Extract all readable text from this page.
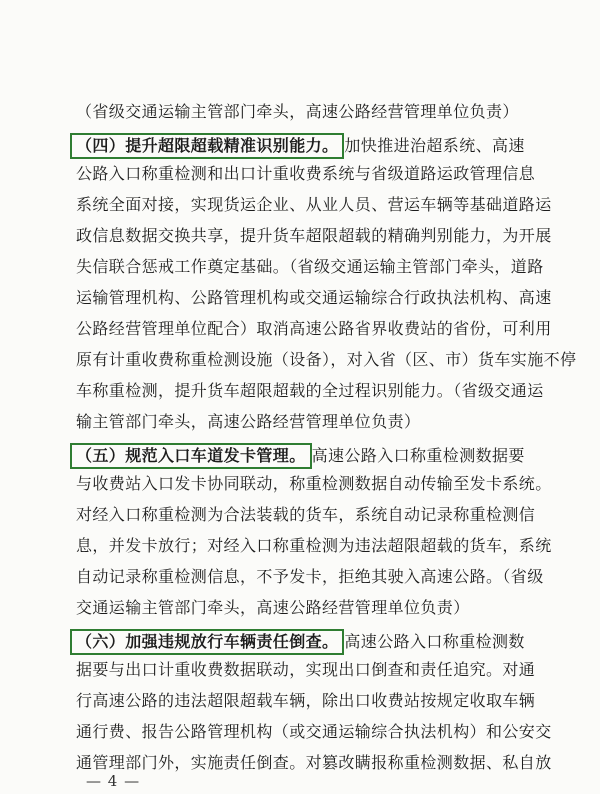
（省级交通运输主管部门牵头，高速公路经营管理单位负责）
（四）提升超限超载精准识别能力。 加快推进治超系统、高速
公路入口称重检测和出口计重收费系统与省级道路运政管理信息
系统全面对接，实现货运企业、从业人员、营运车辆等基础道路运
政信息数据交换共享，提升货车超限超载的精确判别能力，为开展
失信联合惩戒工作奠定基础。（省级交通运输主管部门牵头，道路
运输管理机构、公路管理机构或交通运输综合行政执法机构、高速
公路经营管理单位配合）取消高速公路省界收费站的省份，可利用
原有计重收费称重检测设施（设备），对入省（区、市）货车实施不停
车称重检测，提升货车超限超载的全过程识别能力。（省级交通运
输主管部门牵头，高速公路经营管理单位负责）
（五）规范入口车道发卡管理。 高速公路入口称重检测数据要
与收费站入口发卡协同联动，称重检测数据自动传输至发卡系统。
对经入口称重检测为合法装载的货车，系统自动记录称重检测信
息，并发卡放行；对经入口称重检测为违法超限超载的货车，系统
自动记录称重检测信息，不予发卡，拒绝其驶入高速公路。（省级
交通运输主管部门牵头，高速公路经营管理单位负责）
（六）加强违规放行车辆责任倒查。 高速公路入口称重检测数
据要与出口计重收费数据联动，实现出口倒查和责任追究。对通
行高速公路的违法超限超载车辆，除出口收费站按规定收取车辆
通行费、报告公路管理机构（或交通运输综合执法机构）和公安交
通管理部门外，实施责任倒查。对篡改瞒报称重检测数据、私自放
— 4 —
